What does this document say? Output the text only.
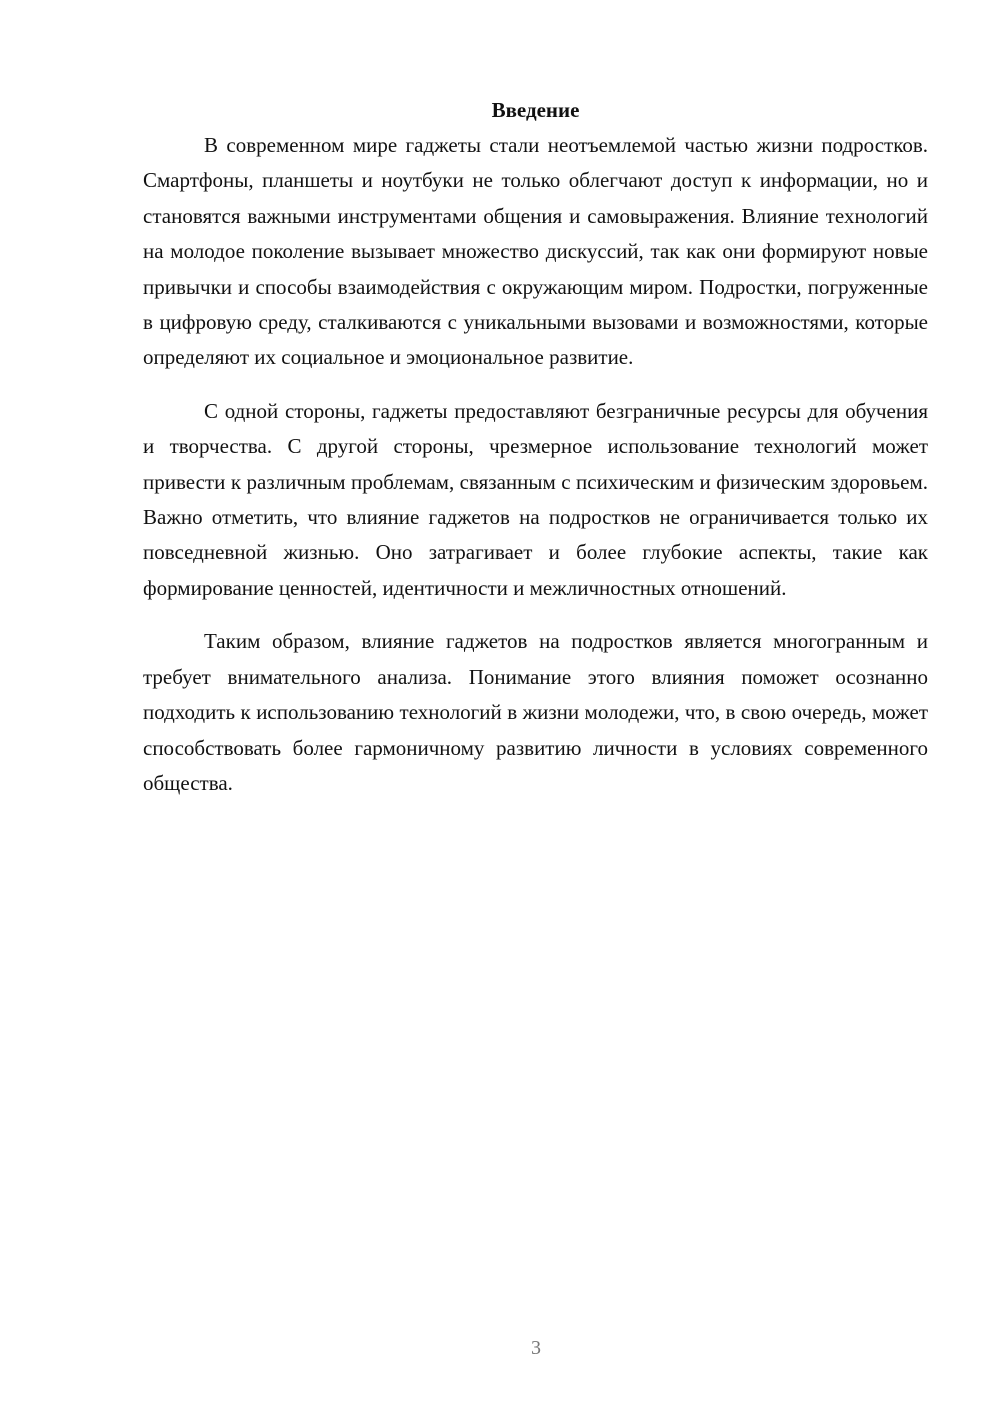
Введение

В современном мире гаджеты стали неотъемлемой частью жизни подростков. Смартфоны, планшеты и ноутбуки не только облегчают доступ к информации, но и становятся важными инструментами общения и самовыражения. Влияние технологий на молодое поколение вызывает множество дискуссий, так как они формируют новые привычки и способы взаимодействия с окружающим миром. Подростки, погруженные в цифровую среду, сталкиваются с уникальными вызовами и возможностями, которые определяют их социальное и эмоциональное развитие.

С одной стороны, гаджеты предоставляют безграничные ресурсы для обучения и творчества. С другой стороны, чрезмерное использование технологий может привести к различным проблемам, связанным с психическим и физическим здоровьем. Важно отметить, что влияние гаджетов на подростков не ограничивается только их повседневной жизнью. Оно затрагивает и более глубокие аспекты, такие как формирование ценностей, идентичности и межличностных отношений.

Таким образом, влияние гаджетов на подростков является многогранным и требует внимательного анализа. Понимание этого влияния поможет осознанно подходить к использованию технологий в жизни молодежи, что, в свою очередь, может способствовать более гармоничному развитию личности в условиях современного общества.

3
